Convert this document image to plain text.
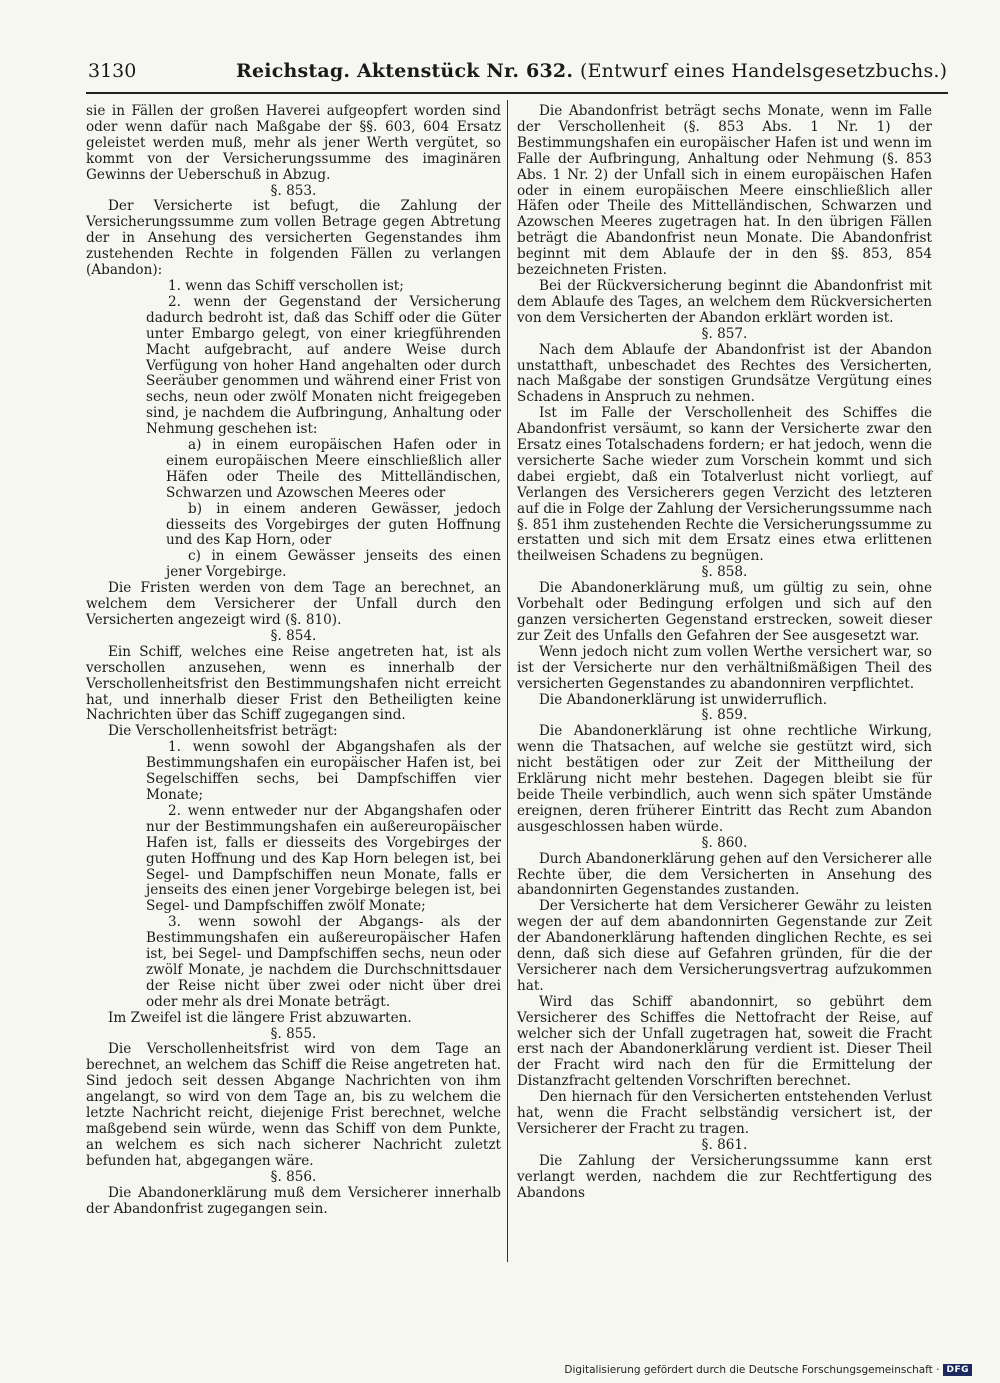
3130	Reichstag. Aktenstück Nr. 632. (Entwurf eines Handelsgesetzbuchs.)

sie in Fällen der großen Haverei aufgeopfert worden sind oder wenn dafür nach Maßgabe der §§. 603, 604 Ersatz geleistet werden muß, mehr als jener Werth vergütet, so kommt von der Versicherungssumme des imaginären Gewinns der Ueberschuß in Abzug.

§. 853.

Der Versicherte ist befugt, die Zahlung der Versicherungssumme zum vollen Betrage gegen Abtretung der in Ansehung des versicherten Gegenstandes ihm zustehenden Rechte in folgenden Fällen zu verlangen (Abandon):

1. wenn das Schiff verschollen ist;

2. wenn der Gegenstand der Versicherung dadurch bedroht ist, daß das Schiff oder die Güter unter Embargo gelegt, von einer kriegführenden Macht aufgebracht, auf andere Weise durch Verfügung von hoher Hand angehalten oder durch Seeräuber genommen und während einer Frist von sechs, neun oder zwölf Monaten nicht freigegeben sind, je nachdem die Aufbringung, Anhaltung oder Nehmung geschehen ist:

a) in einem europäischen Hafen oder in einem europäischen Meere einschließlich aller Häfen oder Theile des Mittelländischen, Schwarzen und Azowschen Meeres oder

b) in einem anderen Gewässer, jedoch diesseits des Vorgebirges der guten Hoffnung und des Kap Horn, oder

c) in einem Gewässer jenseits des einen jener Vorgebirge.

Die Fristen werden von dem Tage an berechnet, an welchem dem Versicherer der Unfall durch den Versicherten angezeigt wird (§. 810).

§. 854.

Ein Schiff, welches eine Reise angetreten hat, ist als verschollen anzusehen, wenn es innerhalb der Verschollenheitsfrist den Bestimmungshafen nicht erreicht hat, und innerhalb dieser Frist den Betheiligten keine Nachrichten über das Schiff zugegangen sind.

Die Verschollenheitsfrist beträgt:

1. wenn sowohl der Abgangshafen als der Bestimmungshafen ein europäischer Hafen ist, bei Segelschiffen sechs, bei Dampfschiffen vier Monate;

2. wenn entweder nur der Abgangshafen oder nur der Bestimmungshafen ein außereuropäischer Hafen ist, falls er diesseits des Vorgebirges der guten Hoffnung und des Kap Horn belegen ist, bei Segel- und Dampfschiffen neun Monate, falls er jenseits des einen jener Vorgebirge belegen ist, bei Segel- und Dampfschiffen zwölf Monate;

3. wenn sowohl der Abgangs- als der Bestimmungshafen ein außereuropäischer Hafen ist, bei Segel- und Dampfschiffen sechs, neun oder zwölf Monate, je nachdem die Durchschnittsdauer der Reise nicht über zwei oder nicht über drei oder mehr als drei Monate beträgt.

Im Zweifel ist die längere Frist abzuwarten.

§. 855.

Die Verschollenheitsfrist wird von dem Tage an berechnet, an welchem das Schiff die Reise angetreten hat. Sind jedoch seit dessen Abgange Nachrichten von ihm angelangt, so wird von dem Tage an, bis zu welchem die letzte Nachricht reicht, diejenige Frist berechnet, welche maßgebend sein würde, wenn das Schiff von dem Punkte, an welchem es sich nach sicherer Nachricht zuletzt befunden hat, abgegangen wäre.

§. 856.

Die Abandonerklärung muß dem Versicherer innerhalb der Abandonfrist zugegangen sein.

Die Abandonfrist beträgt sechs Monate, wenn im Falle der Verschollenheit (§. 853 Abs. 1 Nr. 1) der Bestimmungshafen ein europäischer Hafen ist und wenn im Falle der Aufbringung, Anhaltung oder Nehmung (§. 853 Abs. 1 Nr. 2) der Unfall sich in einem europäischen Hafen oder in einem europäischen Meere einschließlich aller Häfen oder Theile des Mittelländischen, Schwarzen und Azowschen Meeres zugetragen hat. In den übrigen Fällen beträgt die Abandonfrist neun Monate. Die Abandonfrist beginnt mit dem Ablaufe der in den §§. 853, 854 bezeichneten Fristen.

Bei der Rückversicherung beginnt die Abandonfrist mit dem Ablaufe des Tages, an welchem dem Rückversicherten von dem Versicherten der Abandon erklärt worden ist.

§. 857.

Nach dem Ablaufe der Abandonfrist ist der Abandon unstatthaft, unbeschadet des Rechtes des Versicherten, nach Maßgabe der sonstigen Grundsätze Vergütung eines Schadens in Anspruch zu nehmen.

Ist im Falle der Verschollenheit des Schiffes die Abandonfrist versäumt, so kann der Versicherte zwar den Ersatz eines Totalschadens fordern; er hat jedoch, wenn die versicherte Sache wieder zum Vorschein kommt und sich dabei ergiebt, daß ein Totalverlust nicht vorliegt, auf Verlangen des Versicherers gegen Verzicht des letzteren auf die in Folge der Zahlung der Versicherungssumme nach §. 851 ihm zustehenden Rechte die Versicherungssumme zu erstatten und sich mit dem Ersatz eines etwa erlittenen theilweisen Schadens zu begnügen.

§. 858.

Die Abandonerklärung muß, um gültig zu sein, ohne Vorbehalt oder Bedingung erfolgen und sich auf den ganzen versicherten Gegenstand erstrecken, soweit dieser zur Zeit des Unfalls den Gefahren der See ausgesetzt war.

Wenn jedoch nicht zum vollen Werthe versichert war, so ist der Versicherte nur den verhältnißmäßigen Theil des versicherten Gegenstandes zu abandonniren verpflichtet.

Die Abandonerklärung ist unwiderruflich.

§. 859.

Die Abandonerklärung ist ohne rechtliche Wirkung, wenn die Thatsachen, auf welche sie gestützt wird, sich nicht bestätigen oder zur Zeit der Mittheilung der Erklärung nicht mehr bestehen. Dagegen bleibt sie für beide Theile verbindlich, auch wenn sich später Umstände ereignen, deren früherer Eintritt das Recht zum Abandon ausgeschlossen haben würde.

§. 860.

Durch Abandonerklärung gehen auf den Versicherer alle Rechte über, die dem Versicherten in Ansehung des abandonnirten Gegenstandes zustanden.

Der Versicherte hat dem Versicherer Gewähr zu leisten wegen der auf dem abandonnirten Gegenstande zur Zeit der Abandonerklärung haftenden dinglichen Rechte, es sei denn, daß sich diese auf Gefahren gründen, für die der Versicherer nach dem Versicherungsvertrag aufzukommen hat.

Wird das Schiff abandonnirt, so gebührt dem Versicherer des Schiffes die Nettofracht der Reise, auf welcher sich der Unfall zugetragen hat, soweit die Fracht erst nach der Abandonerklärung verdient ist. Dieser Theil der Fracht wird nach den für die Ermittelung der Distanzfracht geltenden Vorschriften berechnet.

Den hiernach für den Versicherten entstehenden Verlust hat, wenn die Fracht selbständig versichert ist, der Versicherer der Fracht zu tragen.

§. 861.

Die Zahlung der Versicherungssumme kann erst verlangt werden, nachdem die zur Rechtfertigung des Abandons

Digitalisierung gefördert durch die Deutsche Forschungsgemeinschaft · DFG
